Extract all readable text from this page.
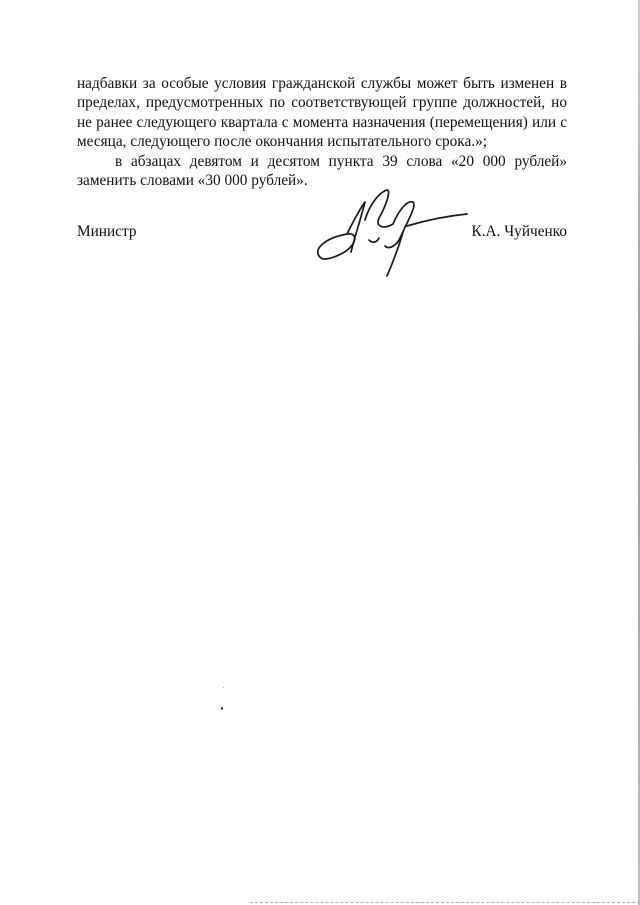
надбавки за особые условия гражданской службы может быть изменен в пределах, предусмотренных по соответствующей группе должностей, но не ранее следующего квартала с момента назначения (перемещения) или с месяца, следующего после окончания испытательного срока.»;

в абзацах девятом и десятом пункта 39 слова «20 000 рублей» заменить словами «30 000 рублей».

Министр	К.А. Чуйченко
